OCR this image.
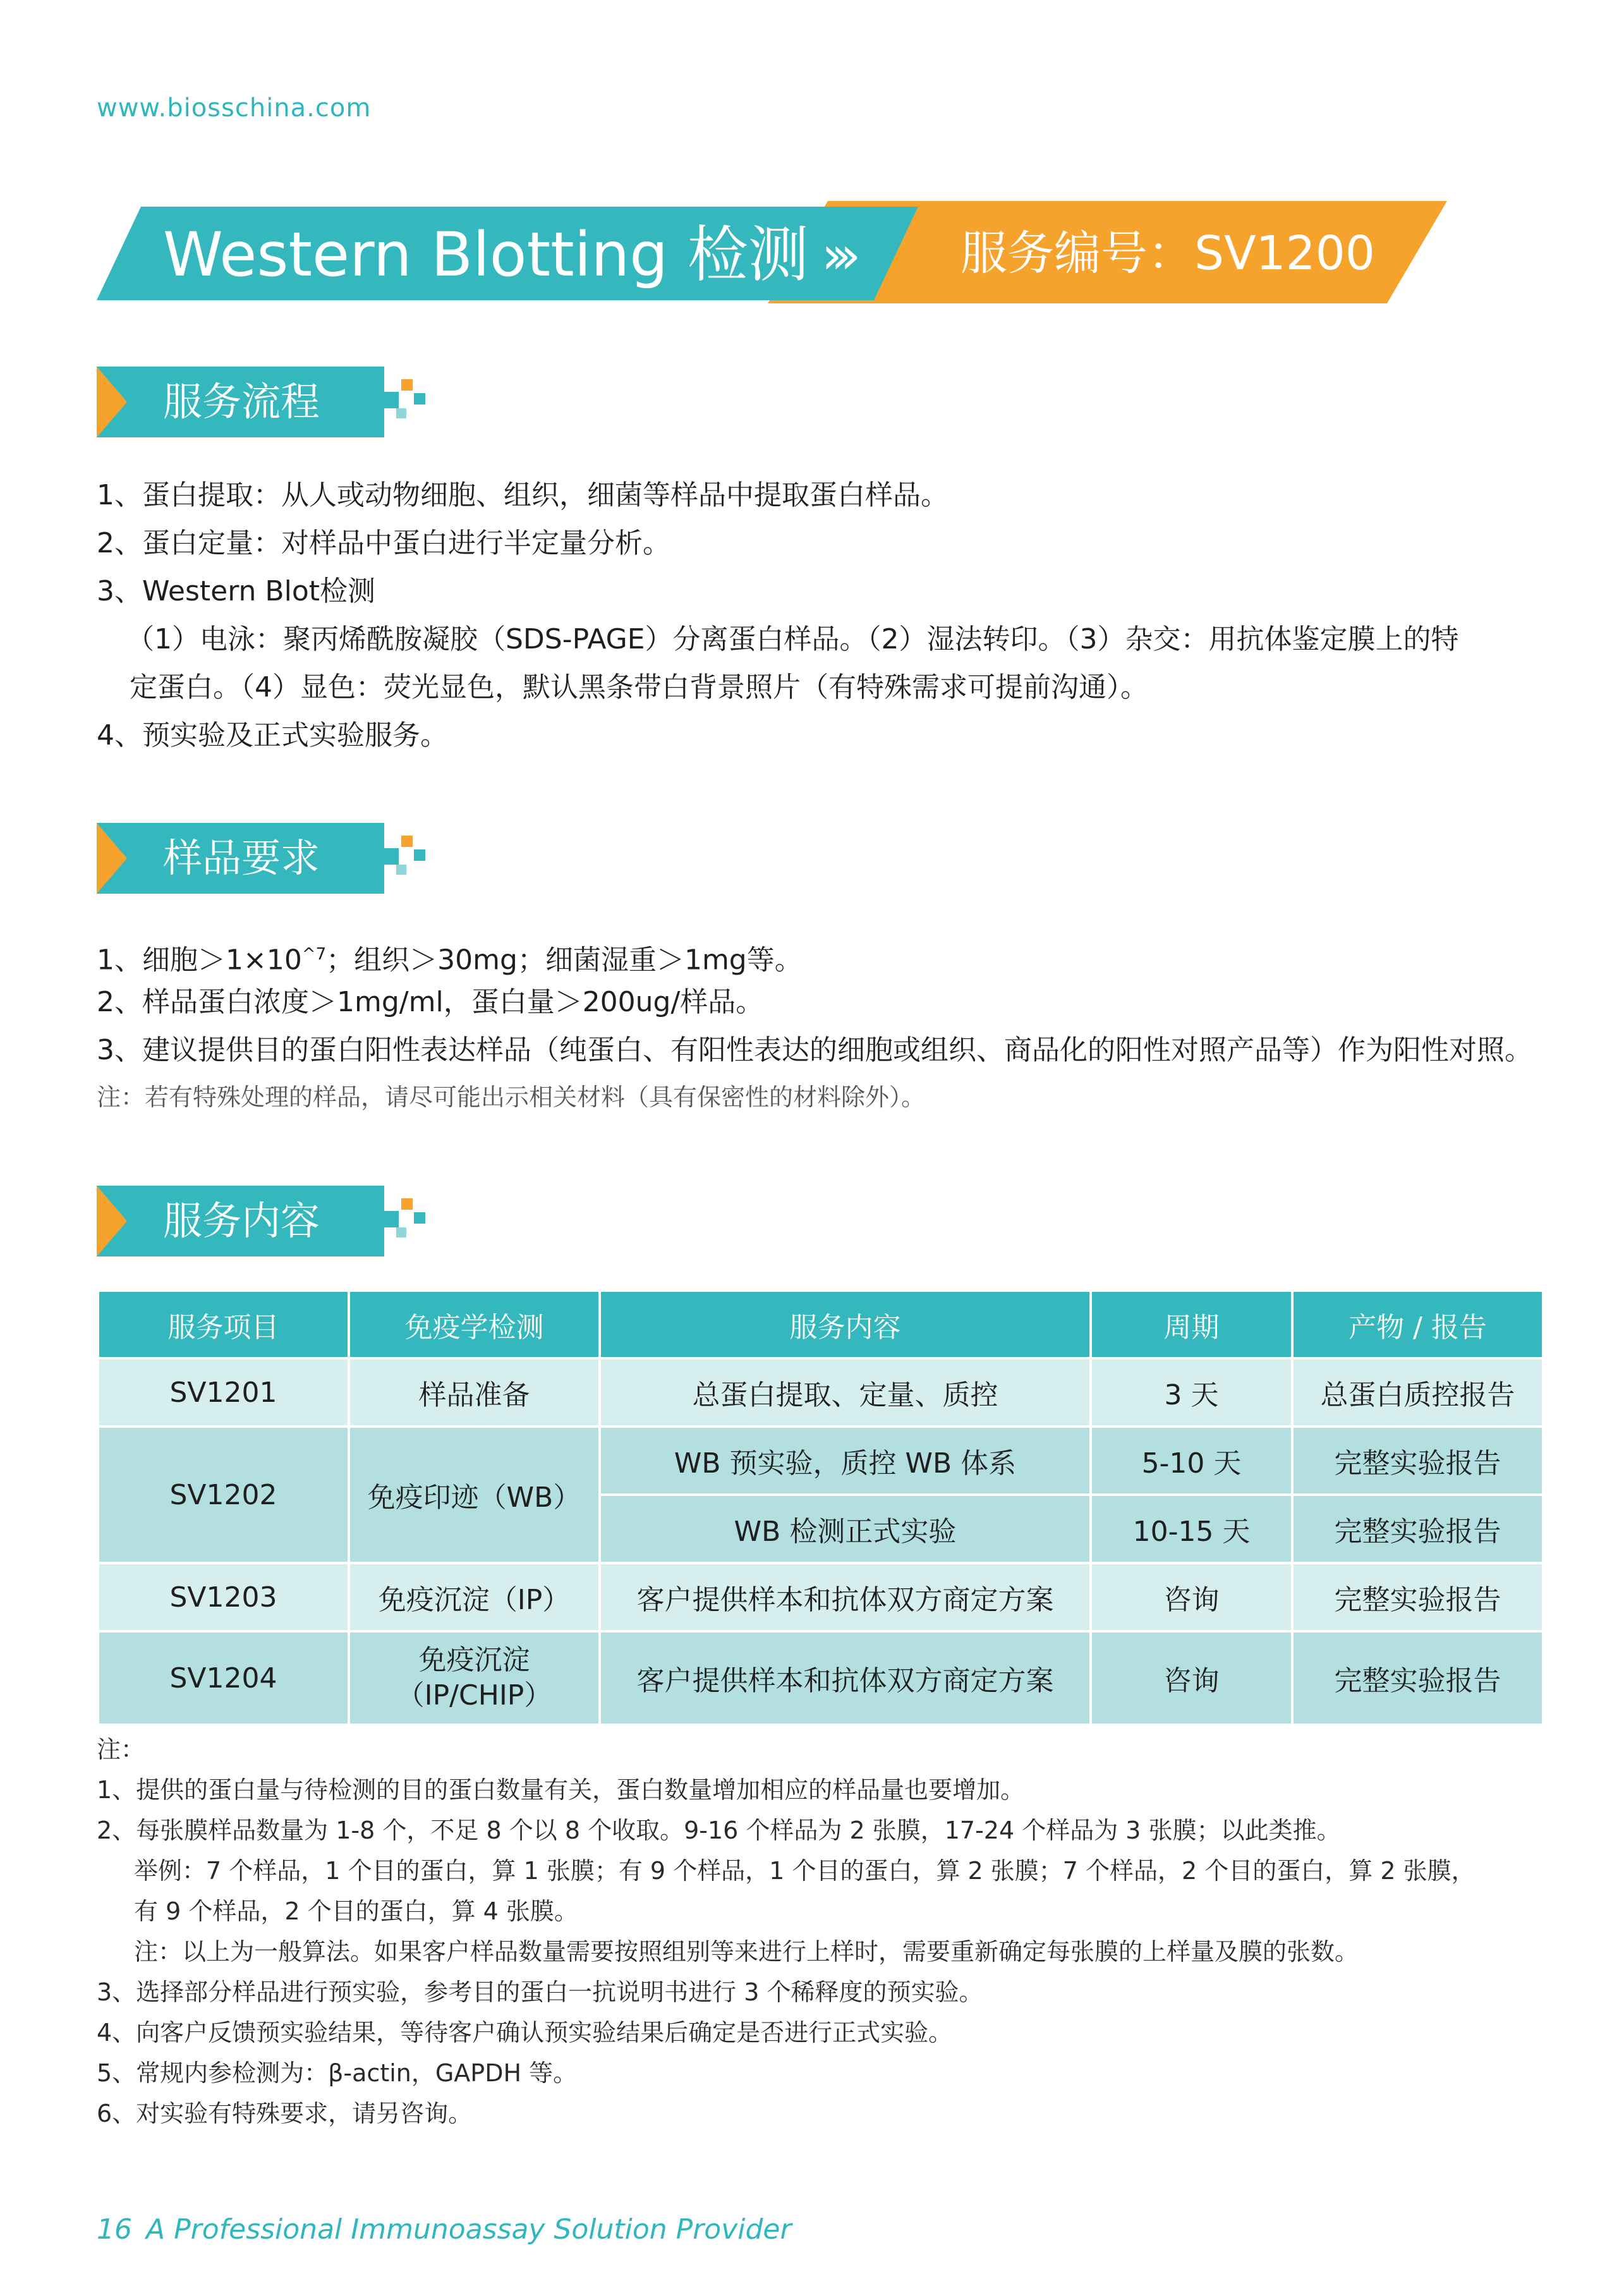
www.biosschina.com
Western Blotting 检测 ››› 服务编号：SV1200
服务流程
1、蛋白提取：从人或动物细胞、组织，细菌等样品中提取蛋白样品。
2、蛋白定量：对样品中蛋白进行半定量分析。
3、Western Blot检测
（1）电泳：聚丙烯酰胺凝胶（SDS-PAGE）分离蛋白样品。（2）湿法转印。（3）杂交：用抗体鉴定膜上的特
定蛋白。（4）显色：荧光显色，默认黑条带白背景照片（有特殊需求可提前沟通）。
4、预实验及正式实验服务。
样品要求
1、细胞$>1\times 10^{\^{}7}$；组织＞30mg；细菌湿重＞1mg等。
2、样品蛋白浓度＞1mg/ml，蛋白量＞200ug/样品。
3、建议提供目的蛋白阳性表达样品（纯蛋白、有阳性表达的细胞或组织、商品化的阳性对照产品等）作为阳性对照。
注：若有特殊处理的样品，请尽可能出示相关材料（具有保密性的材料除外）。
服务内容
服务项目	免疫学检测	服务内容	周期	产物 / 报告
SV1201	样品准备	总蛋白提取、定量、质控	3 天	总蛋白质控报告
SV1202	免疫印迹（WB）	WB 预实验，质控 WB 体系	5-10 天	完整实验报告
		WB 检测正式实验	10-15 天	完整实验报告
SV1203	免疫沉淀（IP）	客户提供样本和抗体双方商定方案	咨询	完整实验报告
SV1204	免疫沉淀
（IP/CHIP）	客户提供样本和抗体双方商定方案	咨询	完整实验报告
注：
1、提供的蛋白量与待检测的目的蛋白数量有关，蛋白数量增加相应的样品量也要增加。
2、每张膜样品数量为 1-8 个，不足 8 个以 8 个收取。9-16 个样品为 2 张膜，17-24 个样品为 3 张膜；以此类推。
举例：7 个样品，1 个目的蛋白，算 1 张膜；有 9 个样品，1 个目的蛋白，算 2 张膜；7 个样品，2 个目的蛋白，算 2 张膜，
有 9 个样品，2 个目的蛋白，算 4 张膜。
注：以上为一般算法。如果客户样品数量需要按照组别等来进行上样时，需要重新确定每张膜的上样量及膜的张数。
3、选择部分样品进行预实验，参考目的蛋白一抗说明书进行 3 个稀释度的预实验。
4、向客户反馈预实验结果，等待客户确认预实验结果后确定是否进行正式实验。
5、常规内参检测为：β-actin，GAPDH 等。
6、对实验有特殊要求，请另咨询。
16 A Professional Immunoassay Solution Provider
